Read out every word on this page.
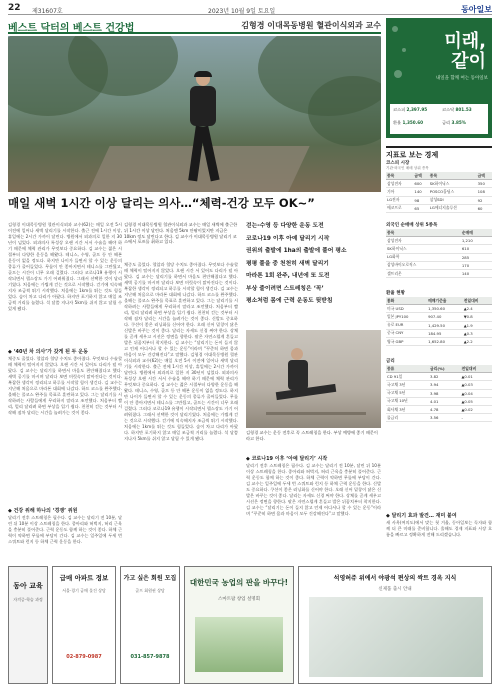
22 제31607호	2023년 10월 9일 토요일	동아일보
베스트 닥터의 베스트 건강법	김형경 이대목동병원 혈관이식외과 교수
매일 새벽 1시간 이상 달리는 의사…“체력-건강 모두 OK~”
김형경 이대목동병원 혈관이식외과 교수(62)는 매일 오전 5시 이전에 일어나 새벽 달리기를 시작한다. 출근 전에 1시간 이상, 휴일에는 2시간 가까이 달린다. 병원에서 외과의로 일한 지 30년이 넘었다. 외과의사 특성상 오랜 시간 서서 수술을 해야 하기 때문에 체력 관리가 무엇보다 중요하다. 김 교수는 젊은 시절부터 다양한 운동을 해왔다. 테니스, 수영, 골프 등 안 해본 운동이 없을 정도다. 하지만 나이가 들면서 할 수 있는 운동의 종류가 줄어들었다. 무릎이 안 좋아지면서 테니스를 그만뒀고, 골프는 시간이 너무 오래 걸렸다. 그러다 코로나19 유행이 시작되면서 헬스장도 가기 어려워졌다. 그래서 선택한 것이 달리기였다. 처음에는 가볍게 걷는 것으로 시작했다. 걷기에 익숙해지자 조금씩 뛰기 시작했다. 처음에는 1km를 뛰는 것도 힘들었다. 숨이 차고 다리가 아팠다. 하지만 포기하지 않고 매일 조금씩 거리를 늘렸다. 석 달쯤 지나자 5km를 쉬지 않고 달릴 수 있게 됐다.
◆ ‘40년 차 의사’가 갖게 된 두 운동
체중도 줄었다. 혈압과 혈당 수치도 좋아졌다. 무엇보다 수술할 때 체력이 떨어지지 않았다. 오랜 시간 서 있어도 다리가 덜 아팠다. 김 교수는 달리기를 하면서 마음도 편안해졌다고 했다. 새벽 공기를 마시며 달리다 보면 머릿속이 맑아진다는 것이다. 복잡한 생각이 정리되고 하루를 시작할 힘이 생긴다. 김 교수는 지난해 처음으로 마라톤 대회에 나갔다. 하프 코스를 완주했다. 올해는 풀코스 완주를 목표로 훈련하고 있다. 그는 달리기를 시작하려는 사람들에게 무리하지 말라고 조언했다. 처음부터 빨리, 멀리 달리려 하면 부상을 입기 쉽다. 천천히 걷는 것부터 시작해 점차 달리는 시간을 늘려가는 것이 좋다.
◆ 건강 위해 하나의 ‘경쟁’ 위원
달리기 전후 스트레칭은 필수다. 김 교수는 달리기 전 10분, 달린 뒤 10분 이상 스트레칭을 한다. 종아리와 허벅지, 허리 근육을 충분히 풀어준다. 근력 운동도 함께 하는 것이 좋다. 하체 근력이 약하면 무릎에 부담이 간다. 김 교수는 일주일에 두세 번 스쿼트와 런지 등 하체 근력 운동을 한다.
김형경 이대목동병원 혈관이식외과 교수는 매일 새벽에 출근한 뒤 1시간 이상 달린다. 처음엔 5km 안팎이었지만 지금은 10km 정도 달린다고 한다. 김 교수가 이대목동병원 달리기 코스에서 포즈를 취하고 있다.
체중도 줄었다. 혈압과 혈당 수치도 좋아졌다. 무엇보다 수술할 때 체력이 떨어지지 않았다. 오랜 시간 서 있어도 다리가 덜 아팠다. 김 교수는 달리기를 하면서 마음도 편안해졌다고 했다. 새벽 공기를 마시며 달리다 보면 머릿속이 맑아진다는 것이다. 복잡한 생각이 정리되고 하루를 시작할 힘이 생긴다. 김 교수는 지난해 처음으로 마라톤 대회에 나갔다. 하프 코스를 완주했다. 올해는 풀코스 완주를 목표로 훈련하고 있다. 그는 달리기를 시작하려는 사람들에게 무리하지 말라고 조언했다. 처음부터 빨리, 멀리 달리려 하면 부상을 입기 쉽다. 천천히 걷는 것부터 시작해 점차 달리는 시간을 늘려가는 것이 좋다. 신발도 중요하다. 쿠션이 좋은 러닝화를 신어야 한다. 오래 신어 밑창이 닳은 신발은 바꾸는 것이 좋다. 달리는 자세도 신경 써야 한다. 상체를 곧게 세우고 시선은 정면을 향한다. 팔은 자연스럽게 흔들고 발은 뒤꿈치부터 착지한다. 김 교수는 “달리기는 돈이 들지 않고 언제 어디서나 할 수 있는 운동”이라며 “꾸준히 하면 몸과 마음이 모두 건강해진다”고 말했다. 김형경 이대목동병원 혈관이식외과 교수(62)는 매일 오전 5시 이전에 일어나 새벽 달리기를 시작한다. 출근 전에 1시간 이상, 휴일에는 2시간 가까이 달린다. 병원에서 외과의로 일한 지 30년이 넘었다. 외과의사 특성상 오랜 시간 서서 수술을 해야 하기 때문에 체력 관리가 무엇보다 중요하다. 김 교수는 젊은 시절부터 다양한 운동을 해왔다. 테니스, 수영, 골프 등 안 해본 운동이 없을 정도다. 하지만 나이가 들면서 할 수 있는 운동의 종류가 줄어들었다. 무릎이 안 좋아지면서 테니스를 그만뒀고, 골프는 시간이 너무 오래 걸렸다. 그러다 코로나19 유행이 시작되면서 헬스장도 가기 어려워졌다. 그래서 선택한 것이 달리기였다. 처음에는 가볍게 걷는 것으로 시작했다. 걷기에 익숙해지자 조금씩 뛰기 시작했다. 처음에는 1km를 뛰는 것도 힘들었다. 숨이 차고 다리가 아팠다. 하지만 포기하지 않고 매일 조금씩 거리를 늘렸다. 석 달쯤 지나자 5km를 쉬지 않고 달릴 수 있게 됐다.

걷는-수영 등 다양한 운동 도전

코로나19 이후 아예 달리기 시작

권위의 출발에 1ha의 출발에 풀어 평소

평평 풀을 중 천천히 새벽 달리기

마라톤 1회 완주, 내년에 또 도전

부상 줄이려면 스트레칭은 ‘꼭’

평소처럼 몸에 근력 운동도 뒷받침

김형경 교수는 운동 전후로 꼭 스트레칭을 한다. 부상 예방에 좋기 때문이라고 한다.
◆ 코로나19 이후 ‘아예 달리기’ 시작
달리기 전후 스트레칭은 필수다. 김 교수는 달리기 전 10분, 달린 뒤 10분 이상 스트레칭을 한다. 종아리와 허벅지, 허리 근육을 충분히 풀어준다. 근력 운동도 함께 하는 것이 좋다. 하체 근력이 약하면 무릎에 부담이 간다. 김 교수는 일주일에 두세 번 스쿼트와 런지 등 하체 근력 운동을 한다. 신발도 중요하다. 쿠션이 좋은 러닝화를 신어야 한다. 오래 신어 밑창이 닳은 신발은 바꾸는 것이 좋다. 달리는 자세도 신경 써야 한다. 상체를 곧게 세우고 시선은 정면을 향한다. 팔은 자연스럽게 흔들고 발은 뒤꿈치부터 착지한다. 김 교수는 “달리기는 돈이 들지 않고 언제 어디서나 할 수 있는 운동”이라며 “꾸준히 하면 몸과 마음이 모두 건강해진다”고 말했다.
미래,
같이
내일을 함께 여는 동아일보
코스피 2,397.95	코스닥 801.53
환율 1,350.60	금리 3.85%
지표로 보는 경제
코스피 시장
기관·외국인 매매 상위 종목
종목	금액	종목	금액
삼성전자	600	SK하이닉스	350
기아	140	POSCO홀딩스	108
LG전자	98	삼성SDI	92
에코프로	65	LG에너지솔루션	60
외국인 순매매 상위 5종목
종목	순매매
삼성전자	1,210
SK하이닉스	610
LG화학	285
삼성바이오로직스	170
셀트리온	140
환율 현황
통화	매매기준율	전일대비
미국 USD	1,350.60	▲2.4
일본 JPY100	907.40	▼0.8
유로 EUR	1,429.50	▲1.9
중국 CNY	184.95	▲0.3
영국 GBP	1,652.80	▲2.2
금리
종류	금리(%)	전일대비
CD 91일	3.82	▲0.01
국고채 3년	3.94	▲0.03
국고채 5년	3.98	▲0.04
국고채 10년	4.01	▲0.05
회사채 3년	4.78	▲0.02
콜금리	3.56	-
◆ 달리기 효과 발견… 재미 붙여
새 사옥(여의도)에서 맞는 첫 겨울, 동아일보는 독자와 함께 더 큰 미래를 준비합니다. 올해도 경제 지표와 시장 흐름을 빠르고 정확하게 전해 드리겠습니다.
동아 교육
자격증·학습 과정
급매 아파트 정보
서울·경기 급매 물건 상담
02-879-0987
가고 싶은 회원 모집
골프 회원권 상담
031-857-9878
대한민국 농업의 판을 바꾸다!
스마트팜 창업 설명회
석영허쥬 위에서 야광석 편상의 싹트 경옥 지식
신제품 출시 안내
